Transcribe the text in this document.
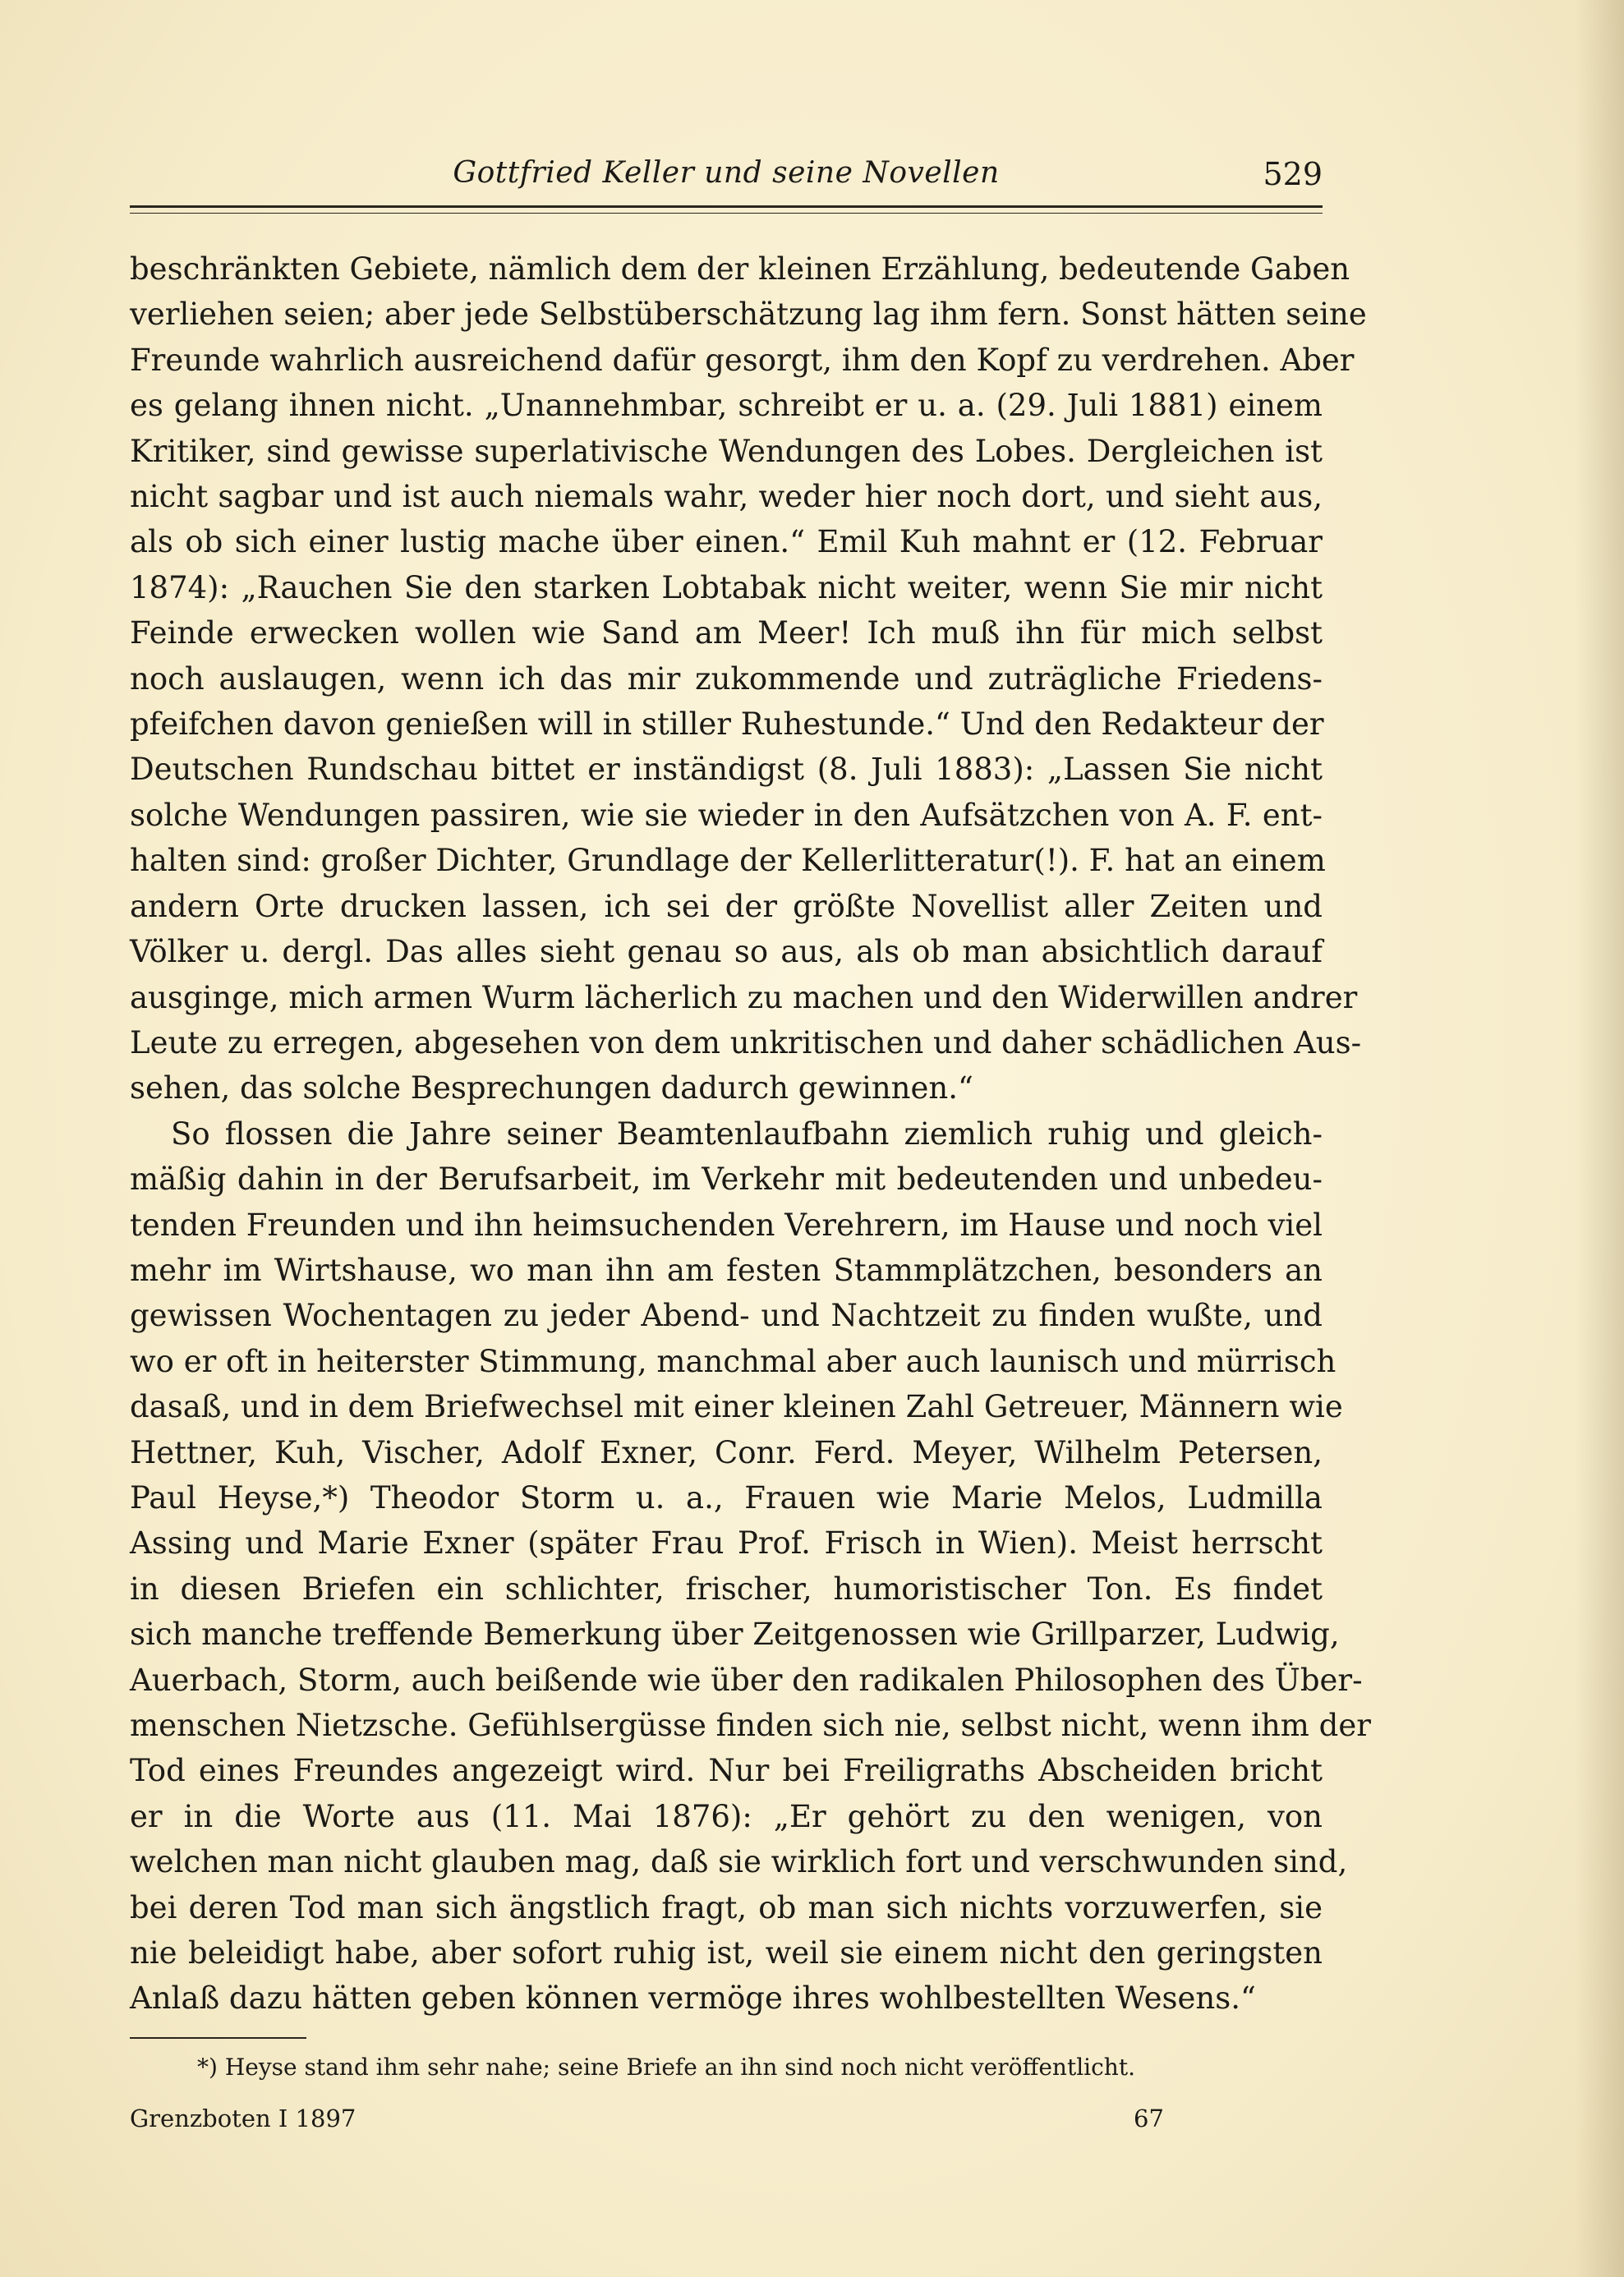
Gottfried Keller und seine Novellen	529
beschränkten Gebiete, nämlich dem der kleinen Erzählung, bedeutende Gaben
verliehen seien; aber jede Selbstüberschätzung lag ihm fern. Sonst hätten seine
Freunde wahrlich ausreichend dafür gesorgt, ihm den Kopf zu verdrehen. Aber
es gelang ihnen nicht. „Unannehmbar, schreibt er u. a. (29. Juli 1881) einem
Kritiker, sind gewisse superlativische Wendungen des Lobes. Dergleichen ist
nicht sagbar und ist auch niemals wahr, weder hier noch dort, und sieht aus,
als ob sich einer lustig mache über einen.“ Emil Kuh mahnt er (12. Februar
1874): „Rauchen Sie den starken Lobtabak nicht weiter, wenn Sie mir nicht
Feinde erwecken wollen wie Sand am Meer! Ich muß ihn für mich selbst
noch auslaugen, wenn ich das mir zukommende und zuträgliche Friedens-
pfeifchen davon genießen will in stiller Ruhestunde.“ Und den Redakteur der
Deutschen Rundschau bittet er inständigst (8. Juli 1883): „Lassen Sie nicht
solche Wendungen passiren, wie sie wieder in den Aufsätzchen von A. F. ent-
halten sind: großer Dichter, Grundlage der Kellerlitteratur(!). F. hat an einem
andern Orte drucken lassen, ich sei der größte Novellist aller Zeiten und
Völker u. dergl. Das alles sieht genau so aus, als ob man absichtlich darauf
ausginge, mich armen Wurm lächerlich zu machen und den Widerwillen andrer
Leute zu erregen, abgesehen von dem unkritischen und daher schädlichen Aus-
sehen, das solche Besprechungen dadurch gewinnen.“
So flossen die Jahre seiner Beamtenlaufbahn ziemlich ruhig und gleich-
mäßig dahin in der Berufsarbeit, im Verkehr mit bedeutenden und unbedeu-
tenden Freunden und ihn heimsuchenden Verehrern, im Hause und noch viel
mehr im Wirtshause, wo man ihn am festen Stammplätzchen, besonders an
gewissen Wochentagen zu jeder Abend- und Nachtzeit zu finden wußte, und
wo er oft in heiterster Stimmung, manchmal aber auch launisch und mürrisch
dasaß, und in dem Briefwechsel mit einer kleinen Zahl Getreuer, Männern wie
Hettner, Kuh, Vischer, Adolf Exner, Conr. Ferd. Meyer, Wilhelm Petersen,
Paul Heyse,*) Theodor Storm u. a., Frauen wie Marie Melos, Ludmilla
Assing und Marie Exner (später Frau Prof. Frisch in Wien). Meist herrscht
in diesen Briefen ein schlichter, frischer, humoristischer Ton. Es findet
sich manche treffende Bemerkung über Zeitgenossen wie Grillparzer, Ludwig,
Auerbach, Storm, auch beißende wie über den radikalen Philosophen des Über-
menschen Nietzsche. Gefühlsergüsse finden sich nie, selbst nicht, wenn ihm der
Tod eines Freundes angezeigt wird. Nur bei Freiligraths Abscheiden bricht
er in die Worte aus (11. Mai 1876): „Er gehört zu den wenigen, von
welchen man nicht glauben mag, daß sie wirklich fort und verschwunden sind,
bei deren Tod man sich ängstlich fragt, ob man sich nichts vorzuwerfen, sie
nie beleidigt habe, aber sofort ruhig ist, weil sie einem nicht den geringsten
Anlaß dazu hätten geben können vermöge ihres wohlbestellten Wesens.“
*) Heyse stand ihm sehr nahe; seine Briefe an ihn sind noch nicht veröffentlicht.
Grenzboten I 1897	67
